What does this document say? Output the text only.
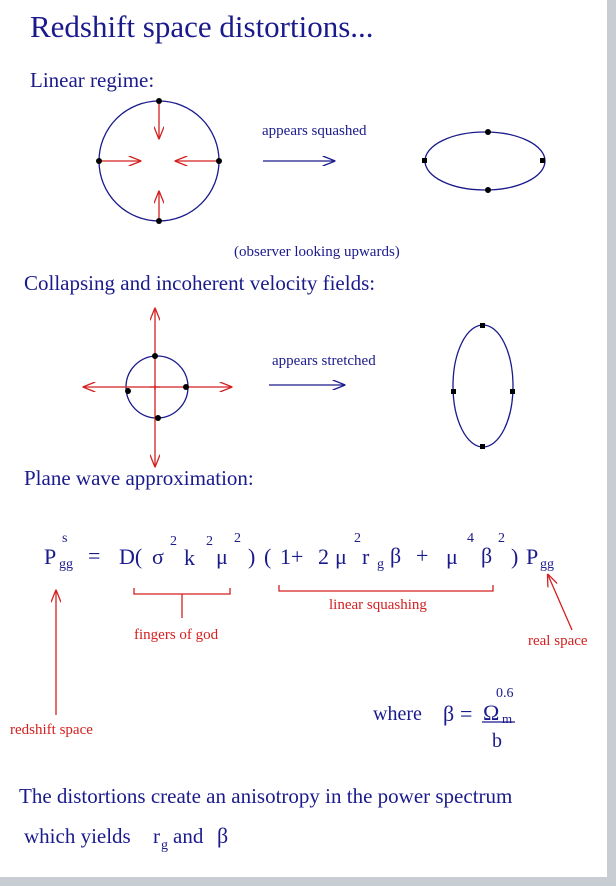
Redshift space distortions...
Linear regime:
appears squashed
(observer looking upwards)
Collapsing and incoherent velocity fields:
appears stretched
Plane wave approximation:
P
s
gg = D( σ
2
k
2
μ
2
) ( 1+ 2 μ
2
r g β + μ
4
β
2
) P gg
fingers of god
linear squashing
real space
redshift space
where β = Ω m
0.6
b
The distortions create an anisotropy in the power spectrum
which yields r g and β
